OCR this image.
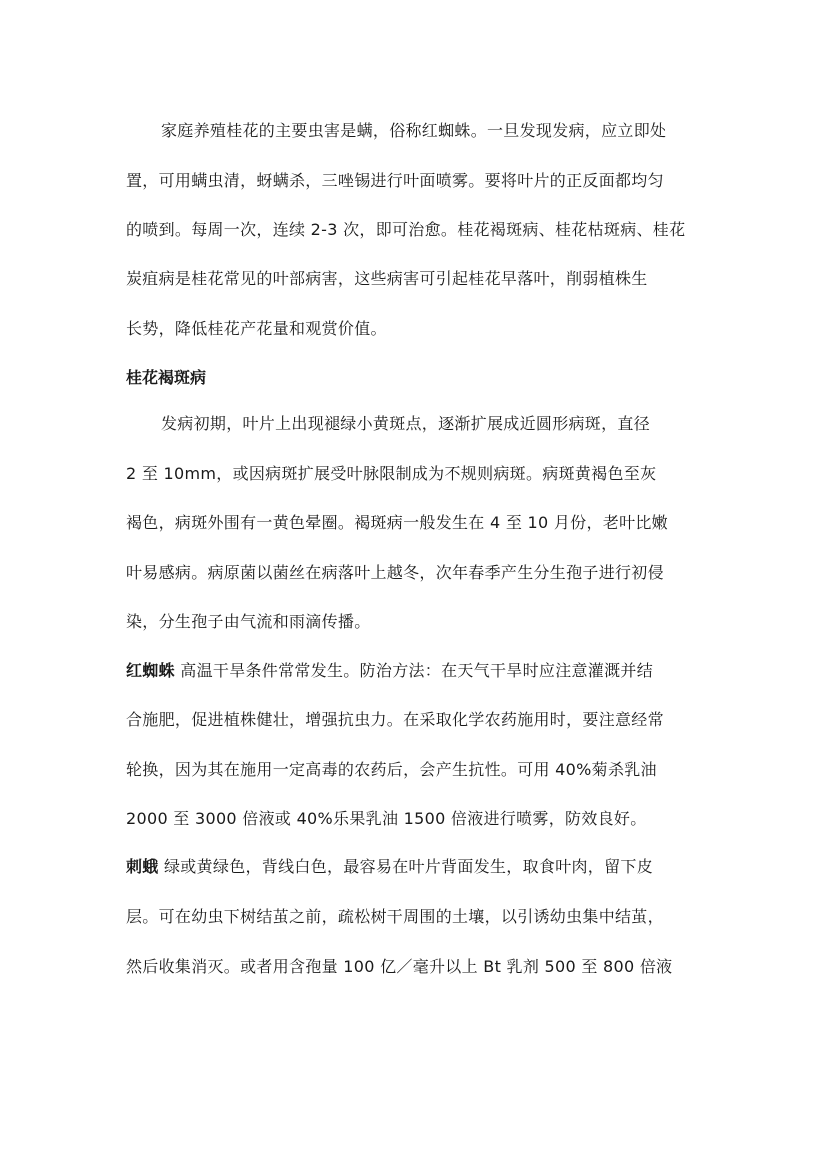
家庭养殖桂花的主要虫害是螨，俗称红蜘蛛。一旦发现发病，应立即处
置，可用螨虫清，蚜螨杀，三唑锡进行叶面喷雾。要将叶片的正反面都均匀
的喷到。每周一次，连续 2-3 次，即可治愈。桂花褐斑病、桂花枯斑病、桂花
炭疽病是桂花常见的叶部病害，这些病害可引起桂花早落叶，削弱植株生
长势，降低桂花产花量和观赏价值。
桂花褐斑病
发病初期，叶片上出现褪绿小黄斑点，逐渐扩展成近圆形病斑，直径
2 至 10mm，或因病斑扩展受叶脉限制成为不规则病斑。病斑黄褐色至灰
褐色，病斑外围有一黄色晕圈。褐斑病一般发生在 4 至 10 月份，老叶比嫩
叶易感病。病原菌以菌丝在病落叶上越冬，次年春季产生分生孢子进行初侵
染，分生孢子由气流和雨滴传播。
红蜘蛛 高温干旱条件常常发生。防治方法：在天气干旱时应注意灌溉并结
合施肥，促进植株健壮，增强抗虫力。在采取化学农药施用时，要注意经常
轮换，因为其在施用一定高毒的农药后，会产生抗性。可用 40%菊杀乳油
2000 至 3000 倍液或 40%乐果乳油 1500 倍液进行喷雾，防效良好。
刺蛾 绿或黄绿色，背线白色，最容易在叶片背面发生，取食叶肉，留下皮
层。可在幼虫下树结茧之前，疏松树干周围的土壤，以引诱幼虫集中结茧，
然后收集消灭。或者用含孢量 100 亿／毫升以上 Bt 乳剂 500 至 800 倍液
